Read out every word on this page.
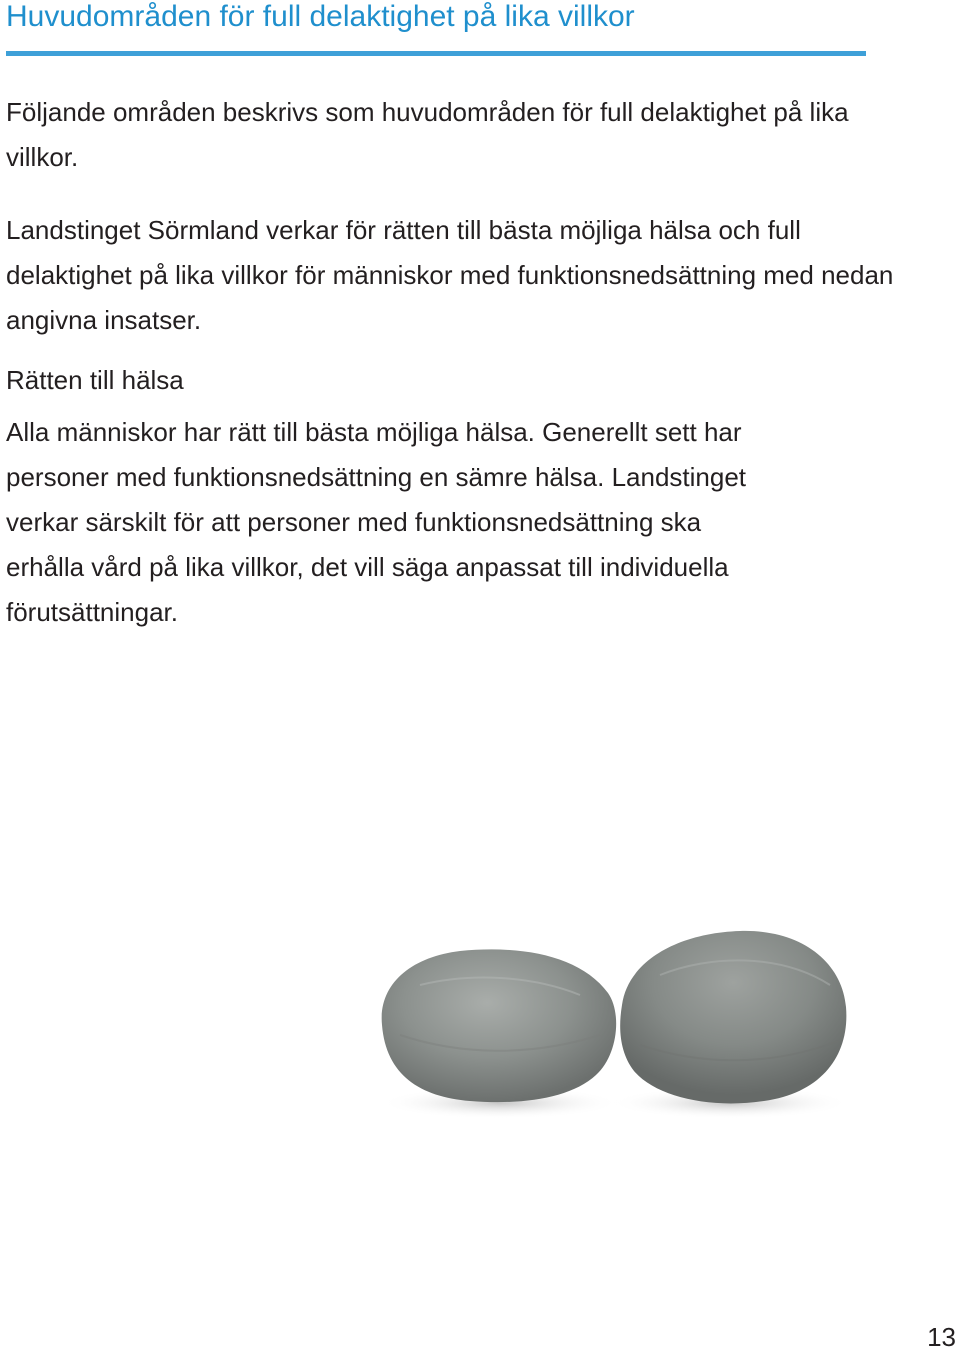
Huvudområden för full delaktighet på lika villkor

Följande områden beskrivs som huvudområden för full delaktighet på lika villkor.

Landstinget Sörmland verkar för rätten till bästa möjliga hälsa och full delaktighet på lika villkor för människor med funktionsnedsättning med nedan angivna insatser.

Rätten till hälsa

Alla människor har rätt till bästa möjliga hälsa. Generellt sett har personer med funktionsnedsättning en sämre hälsa. Landstinget verkar särskilt för att personer med funktionsnedsättning ska erhålla vård på lika villkor, det vill säga anpassat till individuella förutsättningar.

13
